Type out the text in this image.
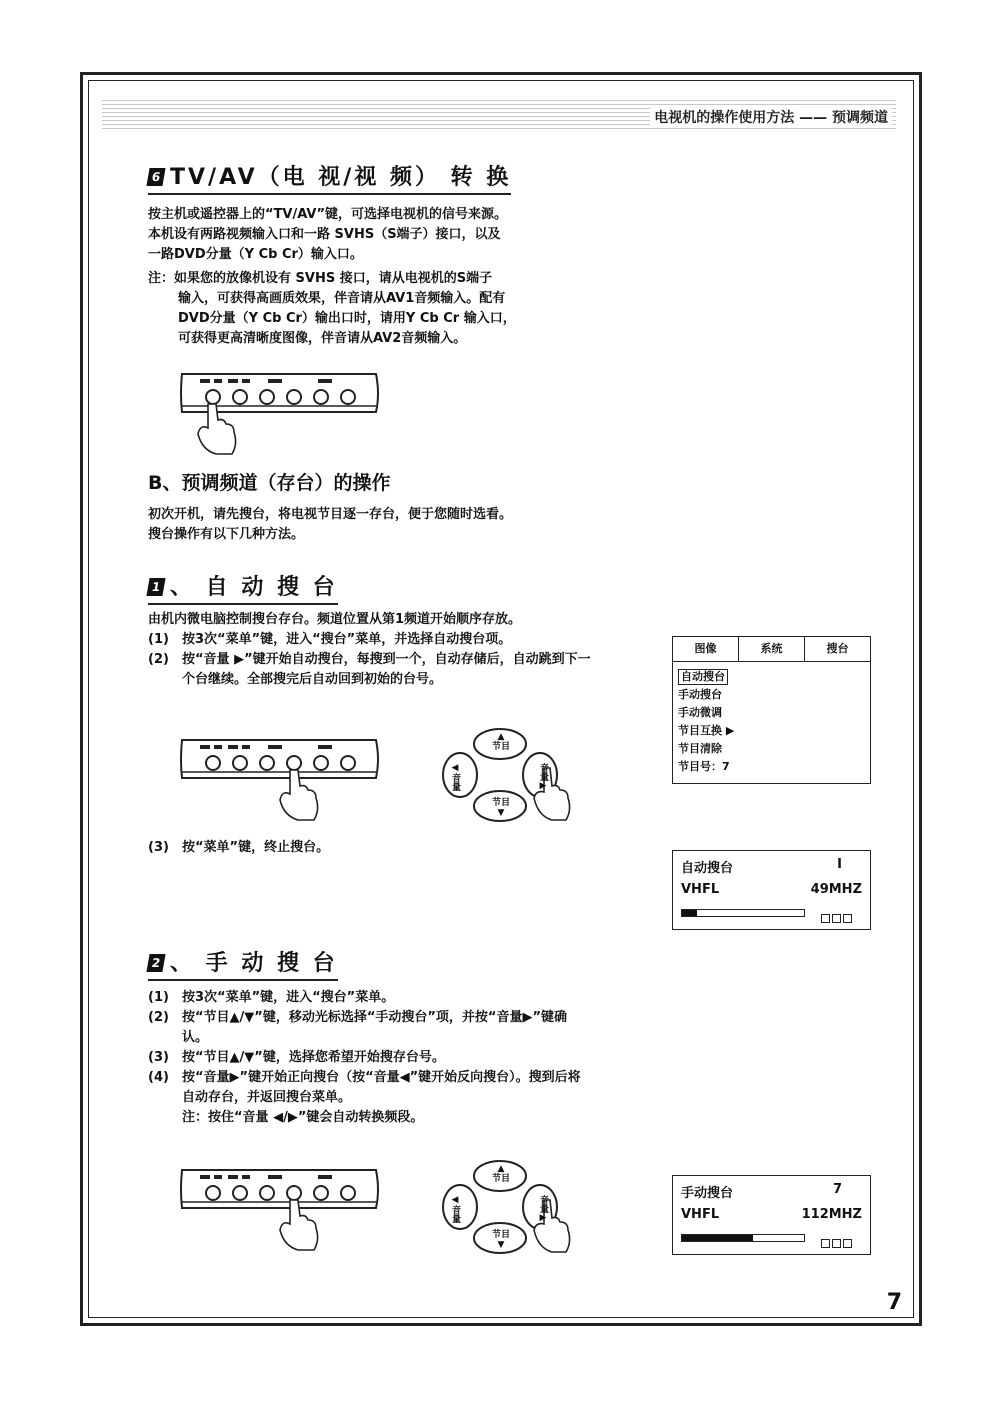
电视机的操作使用方法 —— 预调频道
6 TV/AV（电 视/视 频） 转 换
按主机或遥控器上的“TV/AV”键，可选择电视机的信号来源。
本机设有两路视频输入口和一路 SVHS（S端子）接口，以及
一路DVD分量（Y Cb Cr）输入口。
注：如果您的放像机设有 SVHS 接口，请从电视机的S端子
输入，可获得高画质效果，伴音请从AV1音频输入。配有
DVD分量（Y Cb Cr）输出口时，请用Y Cb Cr 输入口，
可获得更高清晰度图像，伴音请从AV2音频输入。
B、预调频道（存台）的操作
初次开机，请先搜台，将电视节目逐一存台，便于您随时选看。
搜台操作有以下几种方法。
1 、 自 动 搜 台
由机内微电脑控制搜台存台。频道位置从第1频道开始顺序存放。
(1)	按3次“菜单”键，进入“搜台”菜单，并选择自动搜台项。
(2)	按“音量 ▶”键开始自动搜台，每搜到一个，自动存储后，自动跳到下一个台继续。全部搜完后自动回到初始的台号。
▲
节目
节目
▼
◀音量
音量▶
(3)	按“菜单”键，终止搜台。
2 、 手 动 搜 台
(1)	按3次“菜单”键，进入“搜台”菜单。
(2)	按“节目▲/▼”键，移动光标选择“手动搜台”项，并按“音量▶”键确认。
(3)	按“节目▲/▼”键，选择您希望开始搜存台号。
(4)	按“音量▶”键开始正向搜台（按“音量◀”键开始反向搜台）。搜到后将自动存台，并返回搜台菜单。
注：按住“音量 ◀/▶”键会自动转换频段。
▲
节目
节目
▼
◀音量
音量▶
图像	系统	搜台
自动搜台
手动搜台
手动微调
节目互换 ▶
节目清除
节目号：7
自动搜台	I
VHFL	49MHZ
手动搜台	7
VHFL	112MHZ
7
